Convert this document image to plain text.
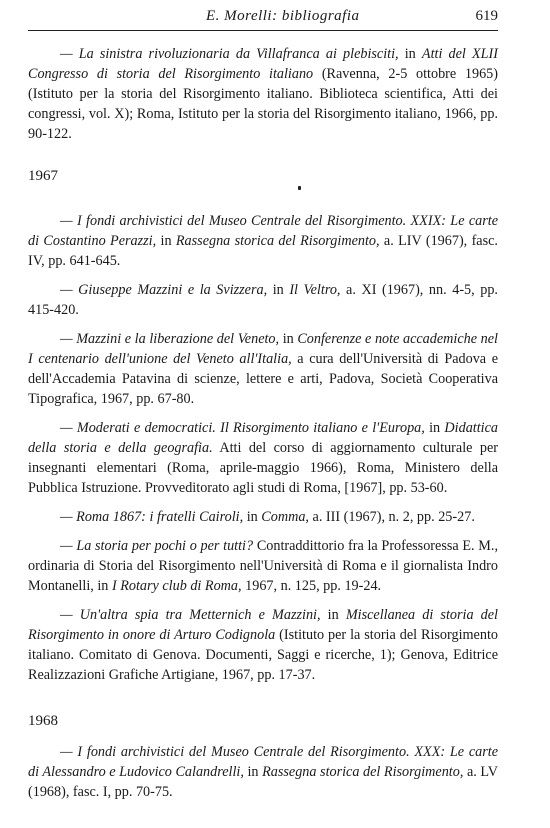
E. Morelli: bibliografia	619

— La sinistra rivoluzionaria da Villafranca ai plebisciti, in Atti del XLII Congresso di storia del Risorgimento italiano (Ravenna, 2-5 ottobre 1965) (Istituto per la storia del Risorgimento italiano. Biblioteca scientifica, Atti dei congressi, vol. X); Roma, Istituto per la storia del Risorgimento italiano, 1966, pp. 90-122.

1967

— I fondi archivistici del Museo Centrale del Risorgimento. XXIX: Le carte di Costantino Perazzi, in Rassegna storica del Risorgimento, a. LIV (1967), fasc. IV, pp. 641-645.

— Giuseppe Mazzini e la Svizzera, in Il Veltro, a. XI (1967), nn. 4-5, pp. 415-420.

— Mazzini e la liberazione del Veneto, in Conferenze e note accademiche nel I centenario dell'unione del Veneto all'Italia, a cura dell'Università di Padova e dell'Accademia Patavina di scienze, lettere e arti, Padova, Società Cooperativa Tipografica, 1967, pp. 67-80.

— Moderati e democratici. Il Risorgimento italiano e l'Europa, in Didattica della storia e della geografia. Atti del corso di aggiornamento culturale per insegnanti elementari (Roma, aprile-maggio 1966), Roma, Ministero della Pubblica Istruzione. Provveditorato agli studi di Roma, [1967], pp. 53-60.

— Roma 1867: i fratelli Cairoli, in Comma, a. III (1967), n. 2, pp. 25-27.

— La storia per pochi o per tutti? Contraddittorio fra la Professoressa E. M., ordinaria di Storia del Risorgimento nell'Università di Roma e il giornalista Indro Montanelli, in I Rotary club di Roma, 1967, n. 125, pp. 19-24.

— Un'altra spia tra Metternich e Mazzini, in Miscellanea di storia del Risorgimento in onore di Arturo Codignola (Istituto per la storia del Risorgimento italiano. Comitato di Genova. Documenti, Saggi e ricerche, 1); Genova, Editrice Realizzazioni Grafiche Artigiane, 1967, pp. 17-37.

1968

— I fondi archivistici del Museo Centrale del Risorgimento. XXX: Le carte di Alessandro e Ludovico Calandrelli, in Rassegna storica del Risorgimento, a. LV (1968), fasc. I, pp. 70-75.
